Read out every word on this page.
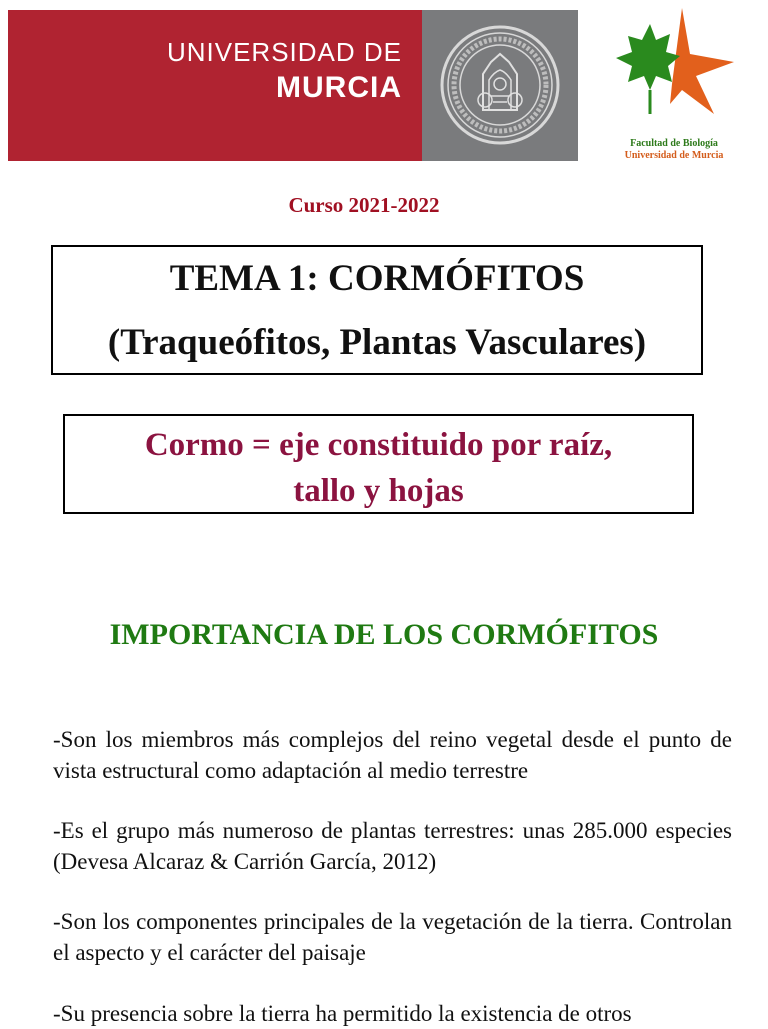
UNIVERSIDAD DE
MURCIA
Facultad de Biología
Universidad de Murcia
Curso 2021-2022
TEMA 1: CORMÓFITOS
(Traqueófitos, Plantas Vasculares)
Cormo = eje constituido por raíz,
tallo y hojas
IMPORTANCIA DE LOS CORMÓFITOS

-Son los miembros más complejos del reino vegetal desde el punto de vista estructural como adaptación al medio terrestre

-Es el grupo más numeroso de plantas terrestres: unas 285.000 especies (Devesa Alcaraz & Carrión García, 2012)

-Son los componentes principales de la vegetación de la tierra. Controlan el aspecto y el carácter del paisaje

-Su presencia sobre la tierra ha permitido la existencia de otros
